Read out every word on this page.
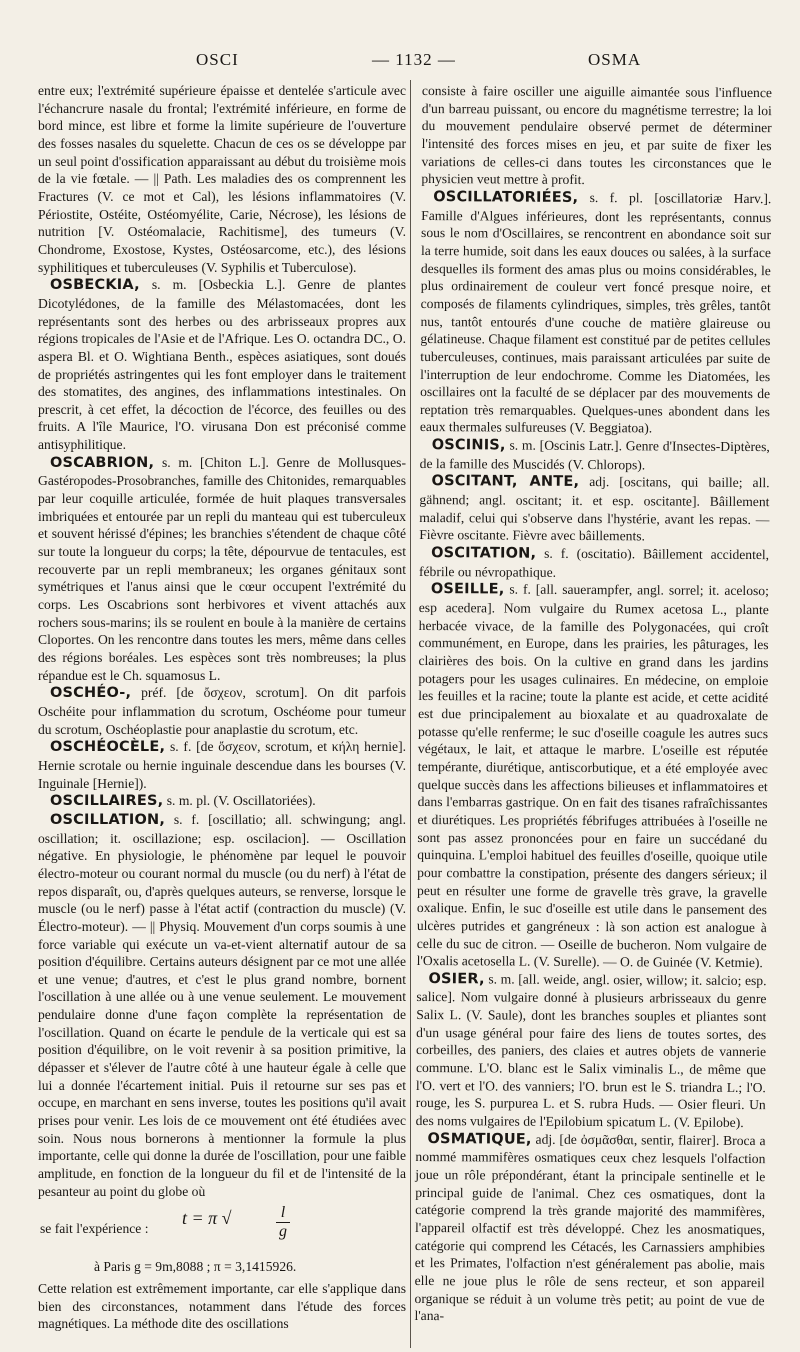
OSCI	— 1132 —	OSMA

entre eux; l'extrémité supérieure épaisse et dentelée s'articule avec l'échancrure nasale du frontal; l'extrémité inférieure, en forme de bord mince, est libre et forme la limite supérieure de l'ouverture des fosses nasales du squelette. Chacun de ces os se développe par un seul point d'ossification apparaissant au début du troisième mois de la vie fœtale. — || Path. Les maladies des os comprennent les Fractures (V. ce mot et Cal), les lésions inflammatoires (V. Périostite, Ostéite, Ostéomyélite, Carie, Nécrose), les lésions de nutrition [V. Ostéomalacie, Rachitisme], des tumeurs (V. Chondrome, Exostose, Kystes, Ostéosarcome, etc.), des lésions syphilitiques et tuberculeuses (V. Syphilis et Tuberculose).

OSBECKIA, s. m. [Osbeckia L.]. Genre de plantes Dicotylédones, de la famille des Mélastomacées, dont les représentants sont des herbes ou des arbrisseaux propres aux régions tropicales de l'Asie et de l'Afrique. Les O. octandra DC., O. aspera Bl. et O. Wightiana Benth., espèces asiatiques, sont doués de propriétés astringentes qui les font employer dans le traitement des stomatites, des angines, des inflammations intestinales. On prescrit, à cet effet, la décoction de l'écorce, des feuilles ou des fruits. A l'île Maurice, l'O. virusana Don est préconisé comme antisyphilitique.

OSCABRION, s. m. [Chiton L.]. Genre de Mollusques-Gastéropodes-Prosobranches, famille des Chitonides, remarquables par leur coquille articulée, formée de huit plaques transversales imbriquées et entourée par un repli du manteau qui est tuberculeux et souvent hérissé d'épines; les branchies s'étendent de chaque côté sur toute la longueur du corps; la tête, dépourvue de tentacules, est recouverte par un repli membraneux; les organes génitaux sont symétriques et l'anus ainsi que le cœur occupent l'extrémité du corps. Les Oscabrions sont herbivores et vivent attachés aux rochers sous-marins; ils se roulent en boule à la manière de certains Cloportes. On les rencontre dans toutes les mers, même dans celles des régions boréales. Les espèces sont très nombreuses; la plus répandue est le Ch. squamosus L.

OSCHÉO-, préf. [de ὄσχεον, scrotum]. On dit parfois Oschéite pour inflammation du scrotum, Oschéome pour tumeur du scrotum, Oschéoplastie pour anaplastie du scrotum, etc.

OSCHÉOCÈLE, s. f. [de ὄσχεον, scrotum, et κήλη hernie]. Hernie scrotale ou hernie inguinale descendue dans les bourses (V. Inguinale [Hernie]).

OSCILLAIRES, s. m. pl. (V. Oscillatoriées).

OSCILLATION, s. f. [oscillatio; all. schwingung; angl. oscillation; it. oscillazione; esp. oscilacion]. — Oscillation négative. En physiologie, le phénomène par lequel le pouvoir électro-moteur ou courant normal du muscle (ou du nerf) à l'état de repos disparaît, ou, d'après quelques auteurs, se renverse, lorsque le muscle (ou le nerf) passe à l'état actif (contraction du muscle) (V. Électro-moteur). — || Physiq. Mouvement d'un corps soumis à une force variable qui exécute un va-et-vient alternatif autour de sa position d'équilibre. Certains auteurs désignent par ce mot une allée et une venue; d'autres, et c'est le plus grand nombre, bornent l'oscillation à une allée ou à une venue seulement. Le mouvement pendulaire donne d'une façon complète la représentation de l'oscillation. Quand on écarte le pendule de la verticale qui est sa position d'équilibre, on le voit revenir à sa position primitive, la dépasser et s'élever de l'autre côté à une hauteur égale à celle que lui a donnée l'écartement initial. Puis il retourne sur ses pas et occupe, en marchant en sens inverse, toutes les positions qu'il avait prises pour venir. Les lois de ce mouvement ont été étudiées avec soin. Nous nous bornerons à mentionner la formule la plus importante, celle qui donne la durée de l'oscillation, pour une faible amplitude, en fonction de la longueur du fil et de l'intensité de la pesanteur au point du globe où

se fait l'expérience :
t = π √	$\frac{l}{g}$

à Paris g = 9m,8088 ; π = 3,1415926.

Cette relation est extrêmement importante, car elle s'applique dans bien des circonstances, notamment dans l'étude des forces magnétiques. La méthode dite des oscillations

consiste à faire osciller une aiguille aimantée sous l'influence d'un barreau puissant, ou encore du magnétisme terrestre; la loi du mouvement pendulaire observé permet de déterminer l'intensité des forces mises en jeu, et par suite de fixer les variations de celles-ci dans toutes les circonstances que le physicien veut mettre à profit.

OSCILLATORIÉES, s. f. pl. [oscillatoriæ Harv.]. Famille d'Algues inférieures, dont les représentants, connus sous le nom d'Oscillaires, se rencontrent en abondance soit sur la terre humide, soit dans les eaux douces ou salées, à la surface desquelles ils forment des amas plus ou moins considérables, le plus ordinairement de couleur vert foncé presque noire, et composés de filaments cylindriques, simples, très grêles, tantôt nus, tantôt entourés d'une couche de matière glaireuse ou gélatineuse. Chaque filament est constitué par de petites cellules tuberculeuses, continues, mais paraissant articulées par suite de l'interruption de leur endochrome. Comme les Diatomées, les oscillaires ont la faculté de se déplacer par des mouvements de reptation très remarquables. Quelques-unes abondent dans les eaux thermales sulfureuses (V. Beggiatoa).

OSCINIS, s. m. [Oscinis Latr.]. Genre d'Insectes-Diptères, de la famille des Muscidés (V. Chlorops).

OSCITANT, ANTE, adj. [oscitans, qui baille; all. gähnend; angl. oscitant; it. et esp. oscitante]. Bâillement maladif, celui qui s'observe dans l'hystérie, avant les repas. — Fièvre oscitante. Fièvre avec bâillements.

OSCITATION, s. f. (oscitatio). Bâillement accidentel, fébrile ou névropathique.

OSEILLE, s. f. [all. sauerampfer, angl. sorrel; it. aceloso; esp acedera]. Nom vulgaire du Rumex acetosa L., plante herbacée vivace, de la famille des Polygonacées, qui croît communément, en Europe, dans les prairies, les pâturages, les clairières des bois. On la cultive en grand dans les jardins potagers pour les usages culinaires. En médecine, on emploie les feuilles et la racine; toute la plante est acide, et cette acidité est due principalement au bioxalate et au quadroxalate de potasse qu'elle renferme; le suc d'oseille coagule les autres sucs végétaux, le lait, et attaque le marbre. L'oseille est réputée tempérante, diurétique, antiscorbutique, et a été employée avec quelque succès dans les affections bilieuses et inflammatoires et dans l'embarras gastrique. On en fait des tisanes rafraîchissantes et diurétiques. Les propriétés fébrifuges attribuées à l'oseille ne sont pas assez prononcées pour en faire un succédané du quinquina. L'emploi habituel des feuilles d'oseille, quoique utile pour combattre la constipation, présente des dangers sérieux; il peut en résulter une forme de gravelle très grave, la gravelle oxalique. Enfin, le suc d'oseille est utile dans le pansement des ulcères putrides et gangréneux : là son action est analogue à celle du suc de citron. — Oseille de bucheron. Nom vulgaire de l'Oxalis acetosella L. (V. Surelle). — O. de Guinée (V. Ketmie).

OSIER, s. m. [all. weide, angl. osier, willow; it. salcio; esp. salice]. Nom vulgaire donné à plusieurs arbrisseaux du genre Salix L. (V. Saule), dont les branches souples et pliantes sont d'un usage général pour faire des liens de toutes sortes, des corbeilles, des paniers, des claies et autres objets de vannerie commune. L'O. blanc est le Salix viminalis L., de même que l'O. vert et l'O. des vanniers; l'O. brun est le S. triandra L.; l'O. rouge, les S. purpurea L. et S. rubra Huds. — Osier fleuri. Un des noms vulgaires de l'Epilobium spicatum L. (V. Epilobe).

OSMATIQUE, adj. [de ὀσμᾶσθαι, sentir, flairer]. Broca a nommé mammifères osmatiques ceux chez lesquels l'olfaction joue un rôle prépondérant, étant la principale sentinelle et le principal guide de l'animal. Chez ces osmatiques, dont la catégorie comprend la très grande majorité des mammifères, l'appareil olfactif est très développé. Chez les anosmatiques, catégorie qui comprend les Cétacés, les Carnassiers amphibies et les Primates, l'olfaction n'est généralement pas abolie, mais elle ne joue plus le rôle de sens recteur, et son appareil organique se réduit à un volume très petit; au point de vue de l'ana-
